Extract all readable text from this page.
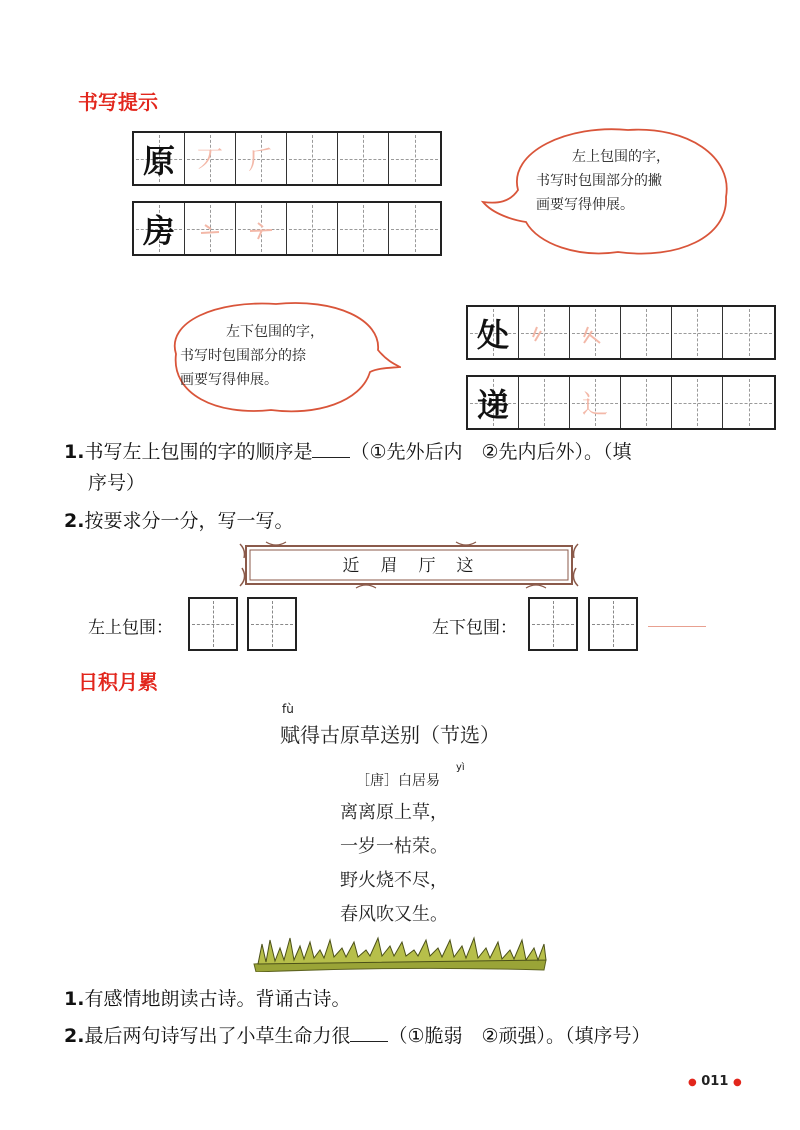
书写提示
原 丆 𠂆
房
左上包围的字，
书写时包围部分的撇
画要写得伸展。
左下包围的字，
书写时包围部分的捺
画要写得伸展。
处
递	辶
1.书写左上包围的字的顺序是 （①先外后内　②先内后外）。（填
序号）
2.按要求分一分，写一写。
近　眉　厅　这
左上包围：	左下包围：
日积月累
fù
赋得古原草送别（节选）
yì
［唐］白居易
离离原上草，
一岁一枯荣。
野火烧不尽，
春风吹又生。
1.有感情地朗读古诗。背诵古诗。
2.最后两句诗写出了小草生命力很 （①脆弱　②顽强）。（填序号）
● 011 ●
